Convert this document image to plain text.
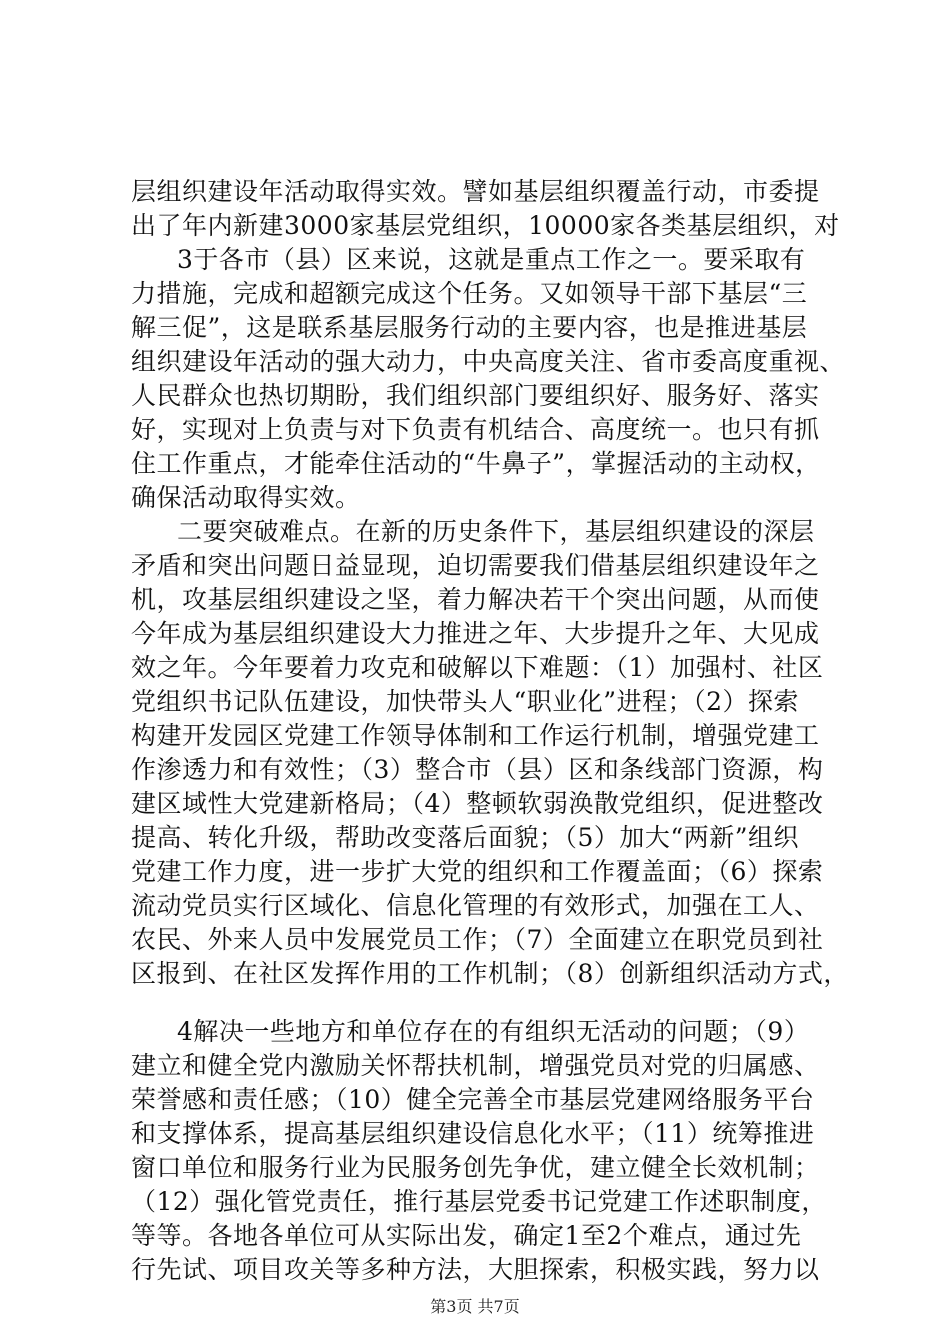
层组织建设年活动取得实效。譬如基层组织覆盖行动，市委提
出了年内新建3000家基层党组织，10000家各类基层组织，对
3于各市（县）区来说，这就是重点工作之一。要采取有
力措施，完成和超额完成这个任务。又如领导干部下基层“三
解三促”，这是联系基层服务行动的主要内容，也是推进基层
组织建设年活动的强大动力，中央高度关注、省市委高度重视、
人民群众也热切期盼，我们组织部门要组织好、服务好、落实
好，实现对上负责与对下负责有机结合、高度统一。也只有抓
住工作重点，才能牵住活动的“牛鼻子”，掌握活动的主动权，
确保活动取得实效。
二要突破难点。在新的历史条件下，基层组织建设的深层
矛盾和突出问题日益显现，迫切需要我们借基层组织建设年之
机，攻基层组织建设之坚，着力解决若干个突出问题，从而使
今年成为基层组织建设大力推进之年、大步提升之年、大见成
效之年。今年要着力攻克和破解以下难题：（1）加强村、社区
党组织书记队伍建设，加快带头人“职业化”进程；（2）探索
构建开发园区党建工作领导体制和工作运行机制，增强党建工
作渗透力和有效性；（3）整合市（县）区和条线部门资源，构
建区域性大党建新格局；（4）整顿软弱涣散党组织，促进整改
提高、转化升级，帮助改变落后面貌；（5）加大“两新”组织
党建工作力度，进一步扩大党的组织和工作覆盖面；（6）探索
流动党员实行区域化、信息化管理的有效形式，加强在工人、
农民、外来人员中发展党员工作；（7）全面建立在职党员到社
区报到、在社区发挥作用的工作机制；（8）创新组织活动方式，
4解决一些地方和单位存在的有组织无活动的问题；（9）
建立和健全党内激励关怀帮扶机制，增强党员对党的归属感、
荣誉感和责任感；（10）健全完善全市基层党建网络服务平台
和支撑体系，提高基层组织建设信息化水平；（11）统筹推进
窗口单位和服务行业为民服务创先争优，建立健全长效机制；
（12）强化管党责任，推行基层党委书记党建工作述职制度，
等等。各地各单位可从实际出发，确定1至2个难点，通过先
行先试、项目攻关等多种方法，大胆探索，积极实践，努力以
第3页 共7页
